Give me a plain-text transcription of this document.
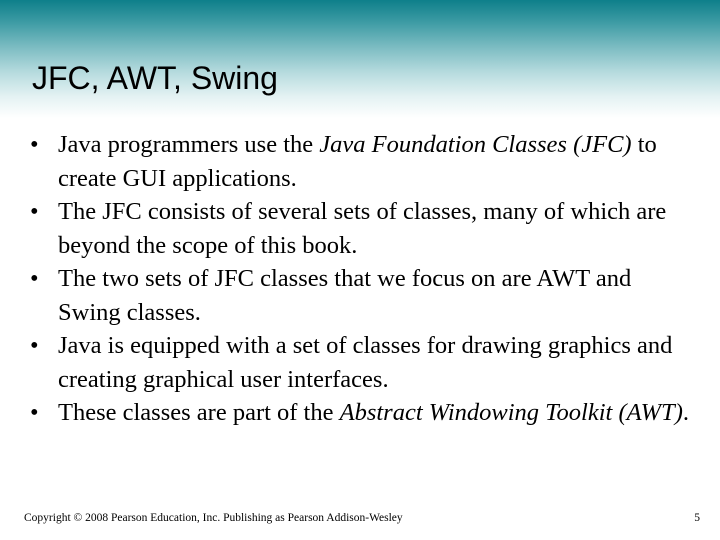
JFC, AWT, Swing
• Java programmers use the Java Foundation Classes (JFC) to create GUI applications.
• The JFC consists of several sets of classes, many of which are beyond the scope of this book.
• The two sets of JFC classes that we focus on are AWT and Swing classes.
• Java is equipped with a set of classes for drawing graphics and creating graphical user interfaces.
• These classes are part of the Abstract Windowing Toolkit (AWT).
Copyright © 2008 Pearson Education, Inc. Publishing as Pearson Addison-Wesley	5
